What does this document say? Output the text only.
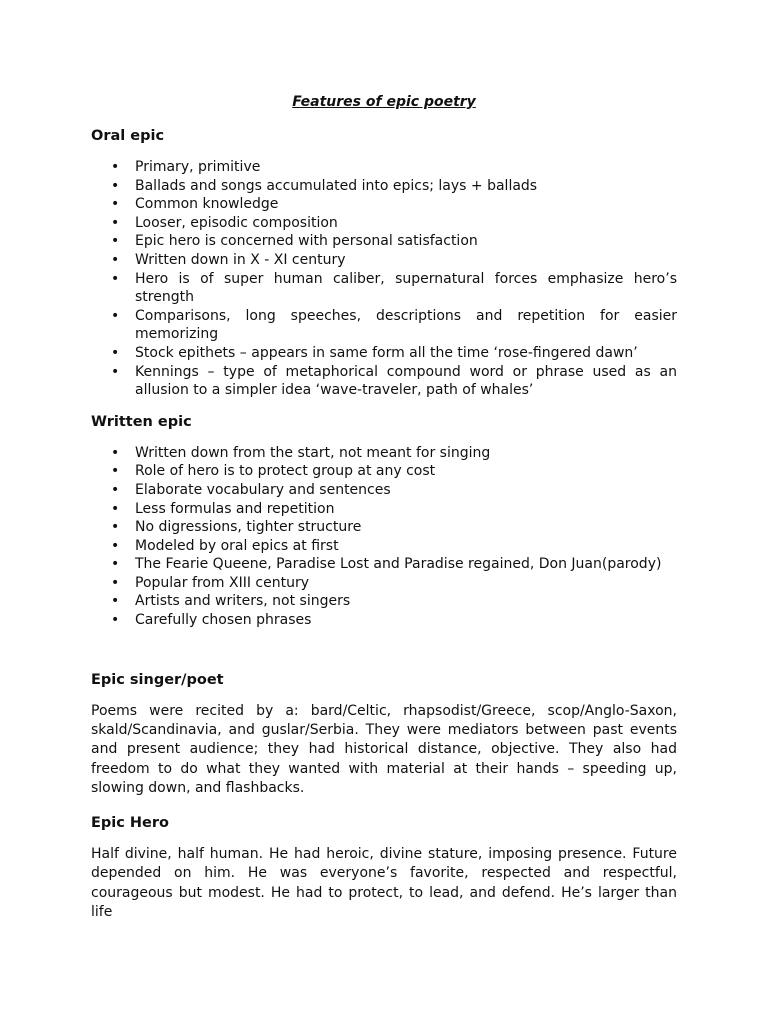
Features of epic poetry
Oral epic
• Primary, primitive
• Ballads and songs accumulated into epics; lays + ballads
• Common knowledge
• Looser, episodic composition
• Epic hero is concerned with personal satisfaction
• Written down in X - XI century
• Hero is of super human caliber, supernatural forces emphasize hero’s strength
• Comparisons, long speeches, descriptions and repetition for easier memorizing
• Stock epithets – appears in same form all the time ‘rose-fingered dawn’
• Kennings – type of metaphorical compound word or phrase used as an allusion to a simpler idea ‘wave-traveler, path of whales’
Written epic
• Written down from the start, not meant for singing
• Role of hero is to protect group at any cost
• Elaborate vocabulary and sentences
• Less formulas and repetition
• No digressions, tighter structure
• Modeled by oral epics at first
• The Fearie Queene, Paradise Lost and Paradise regained, Don Juan(parody)
• Popular from XIII century
• Artists and writers, not singers
• Carefully chosen phrases
Epic singer/poet

Poems were recited by a: bard/Celtic, rhapsodist/Greece, scop/Anglo-Saxon, skald/Scandinavia, and guslar/Serbia. They were mediators between past events and present audience; they had historical distance, objective. They also had freedom to do what they wanted with material at their hands – speeding up, slowing down, and flashbacks.

Epic Hero

Half divine, half human. He had heroic, divine stature, imposing presence. Future depended on him. He was everyone’s favorite, respected and respectful, courageous but modest. He had to protect, to lead, and defend. He’s larger than life
